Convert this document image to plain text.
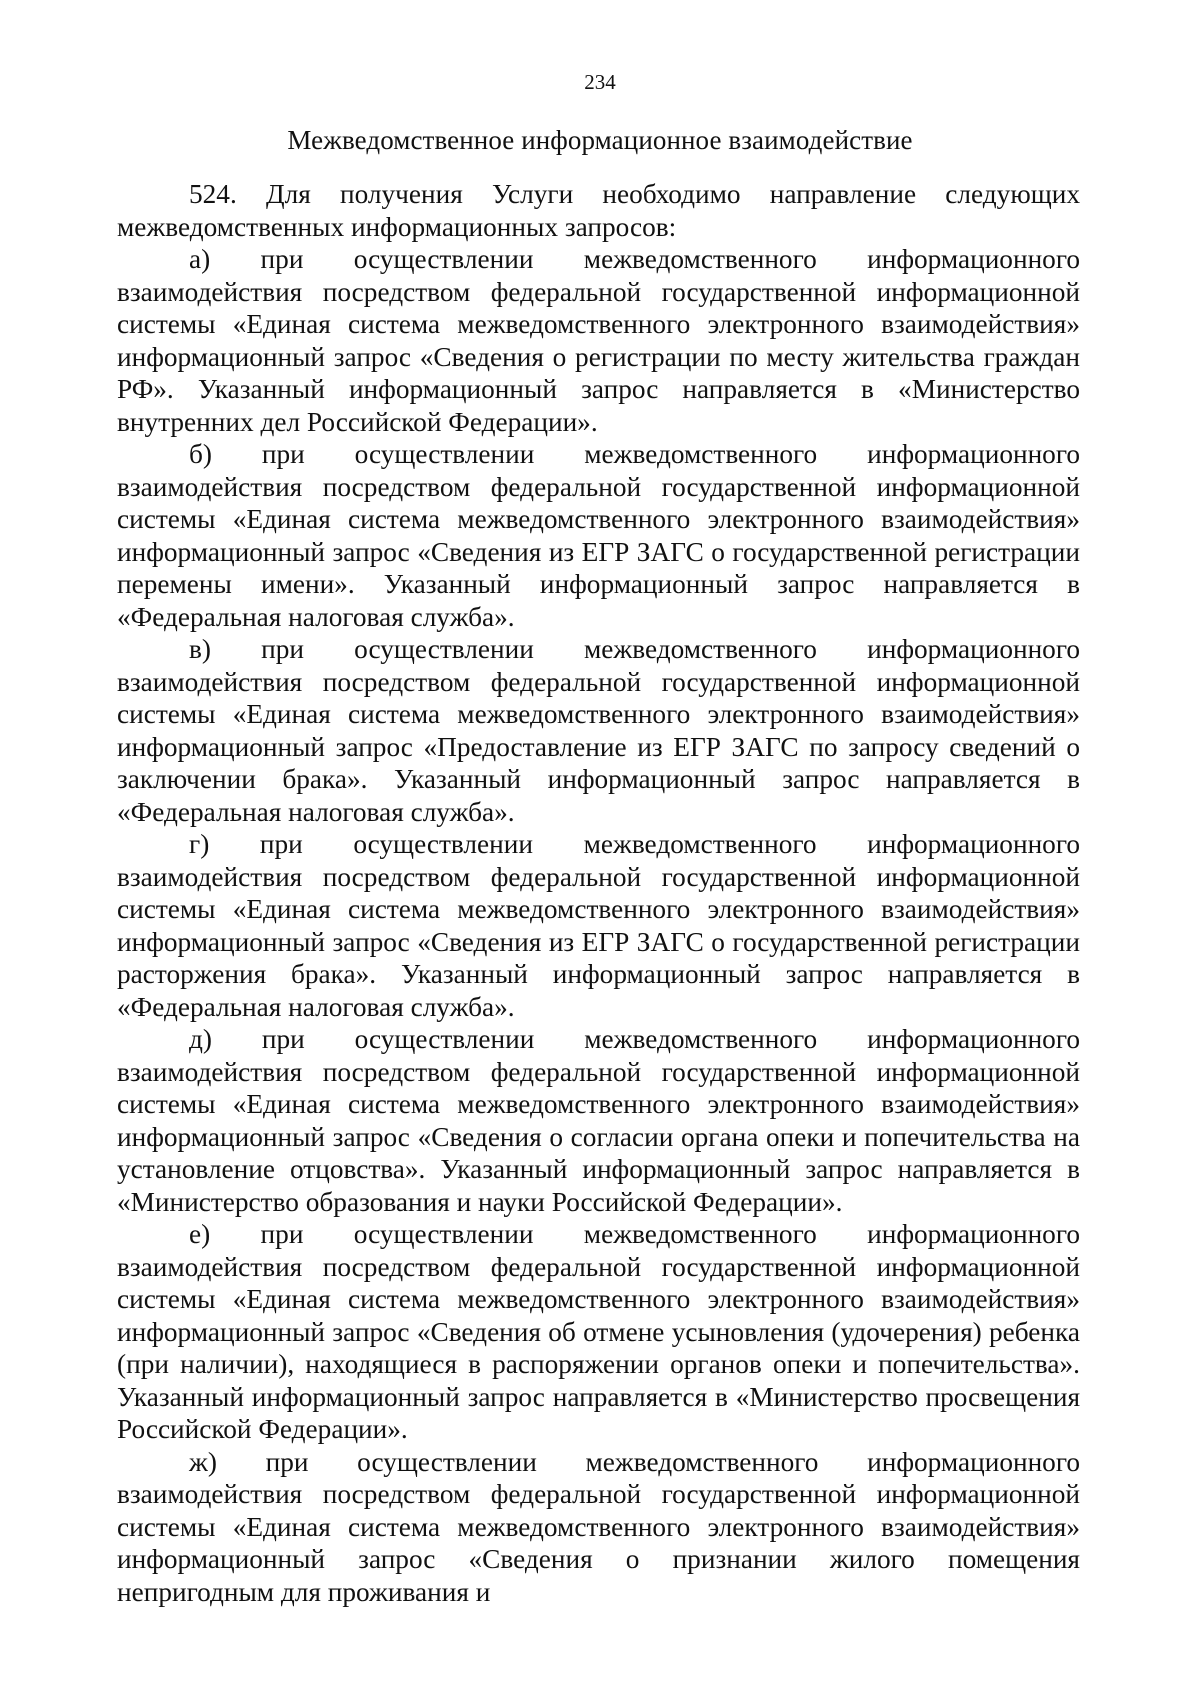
234
Межведомственное информационное взаимодействие

524. Для получения Услуги необходимо направление следующих межведомственных информационных запросов:

а) при осуществлении межведомственного информационного взаимодействия посредством федеральной государственной информационной системы «Единая система межведомственного электронного взаимодействия» информационный запрос «Сведения о регистрации по месту жительства граждан РФ». Указанный информационный запрос направляется в «Министерство внутренних дел Российской Федерации».

б) при осуществлении межведомственного информационного взаимодействия посредством федеральной государственной информационной системы «Единая система межведомственного электронного взаимодействия» информационный запрос «Сведения из ЕГР ЗАГС о государственной регистрации перемены имени». Указанный информационный запрос направляется в «Федеральная налоговая служба».

в) при осуществлении межведомственного информационного взаимодействия посредством федеральной государственной информационной системы «Единая система межведомственного электронного взаимодействия» информационный запрос «Предоставление из ЕГР ЗАГС по запросу сведений о заключении брака». Указанный информационный запрос направляется в «Федеральная налоговая служба».

г) при осуществлении межведомственного информационного взаимодействия посредством федеральной государственной информационной системы «Единая система межведомственного электронного взаимодействия» информационный запрос «Сведения из ЕГР ЗАГС о государственной регистрации расторжения брака». Указанный информационный запрос направляется в «Федеральная налоговая служба».

д) при осуществлении межведомственного информационного взаимодействия посредством федеральной государственной информационной системы «Единая система межведомственного электронного взаимодействия» информационный запрос «Сведения о согласии органа опеки и попечительства на установление отцовства». Указанный информационный запрос направляется в «Министерство образования и науки Российской Федерации».

е) при осуществлении межведомственного информационного взаимодействия посредством федеральной государственной информационной системы «Единая система межведомственного электронного взаимодействия» информационный запрос «Сведения об отмене усыновления (удочерения) ребенка (при наличии), находящиеся в распоряжении органов опеки и попечительства». Указанный информационный запрос направляется в «Министерство просвещения Российской Федерации».

ж) при осуществлении межведомственного информационного взаимодействия посредством федеральной государственной информационной системы «Единая система межведомственного электронного взаимодействия» информационный запрос «Сведения о признании жилого помещения непригодным для проживания и
